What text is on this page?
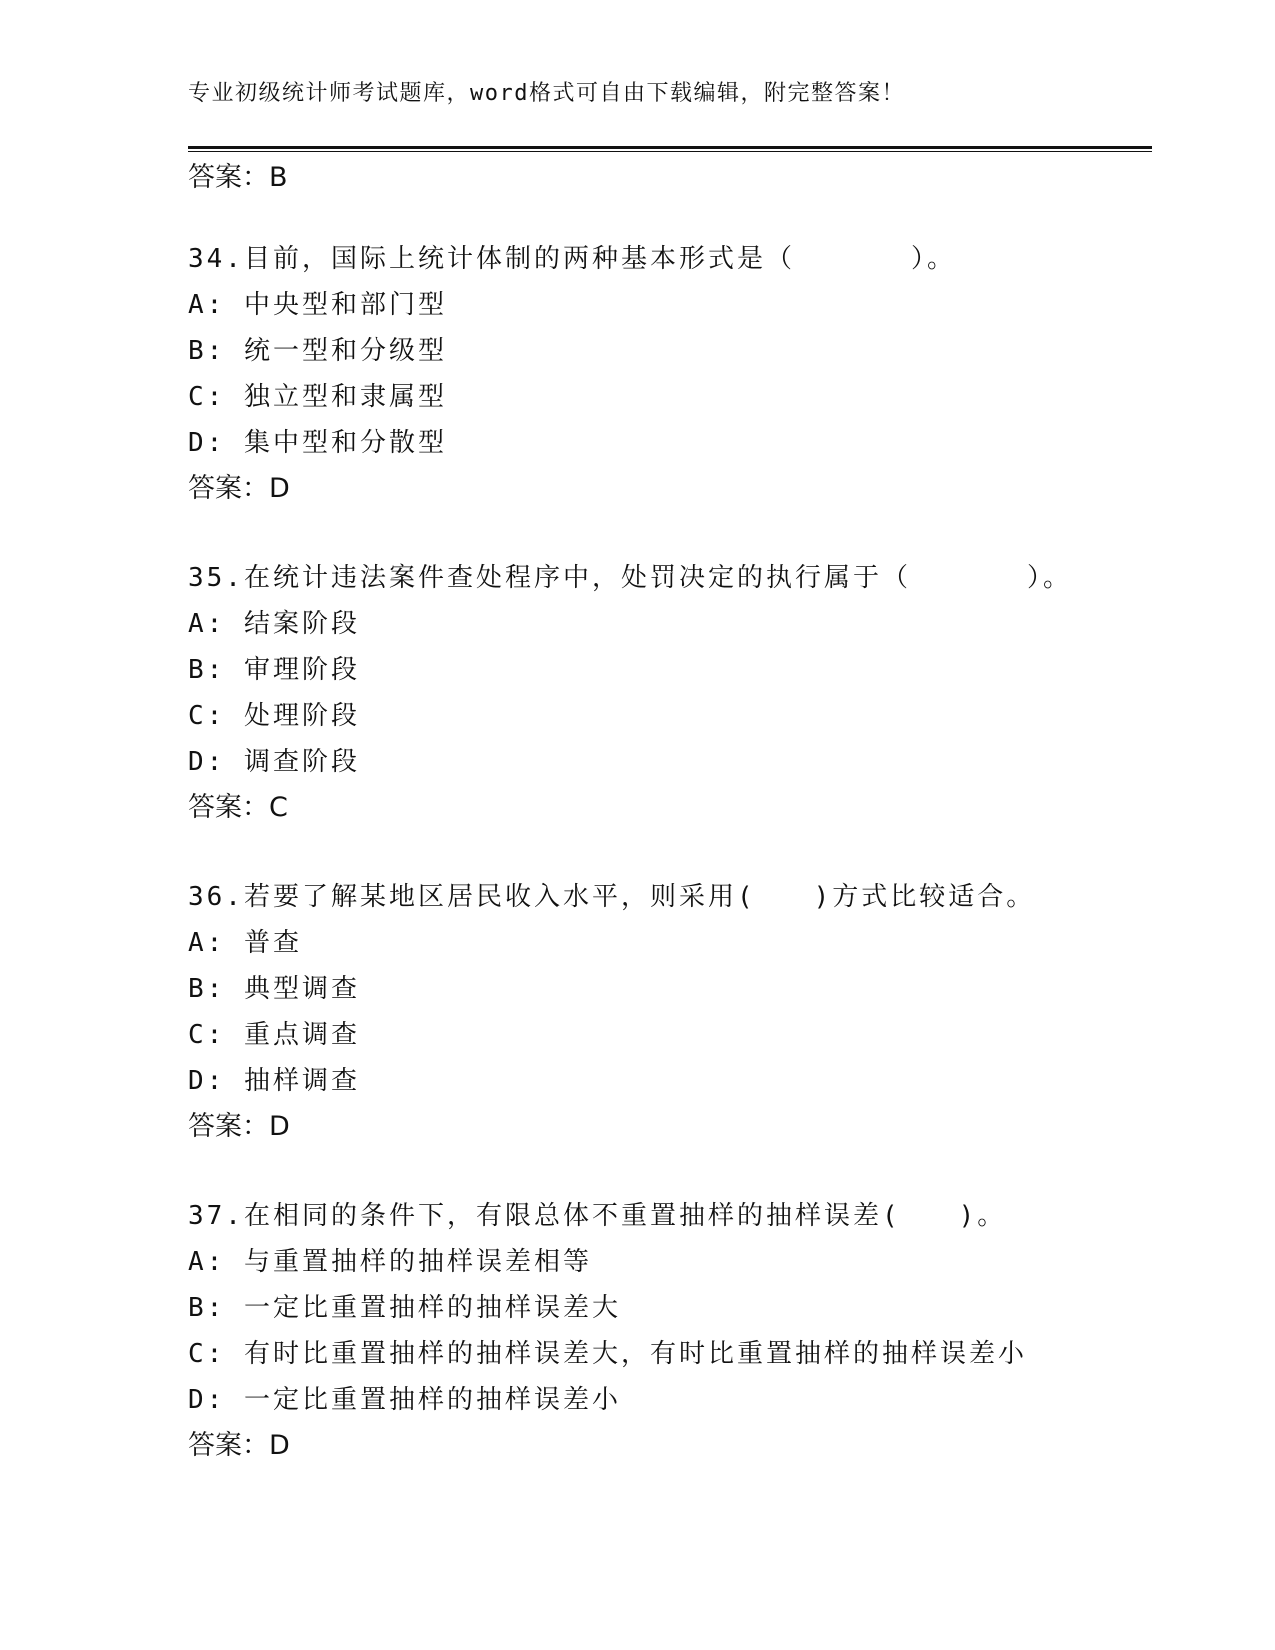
专业初级统计师考试题库，word格式可自由下载编辑，附完整答案！
答案：B
34.目前，国际上统计体制的两种基本形式是（　　　　）。
A: 中央型和部门型
B: 统一型和分级型
C: 独立型和隶属型
D: 集中型和分散型
答案：D
35.在统计违法案件查处程序中，处罚决定的执行属于（　　　　）。
A: 结案阶段
B: 审理阶段
C: 处理阶段
D: 调查阶段
答案：C
36.若要了解某地区居民收入水平，则采用(　　)方式比较适合。
A: 普查
B: 典型调查
C: 重点调查
D: 抽样调查
答案：D
37.在相同的条件下，有限总体不重置抽样的抽样误差(　　)。
A: 与重置抽样的抽样误差相等
B: 一定比重置抽样的抽样误差大
C: 有时比重置抽样的抽样误差大，有时比重置抽样的抽样误差小
D: 一定比重置抽样的抽样误差小
答案：D
